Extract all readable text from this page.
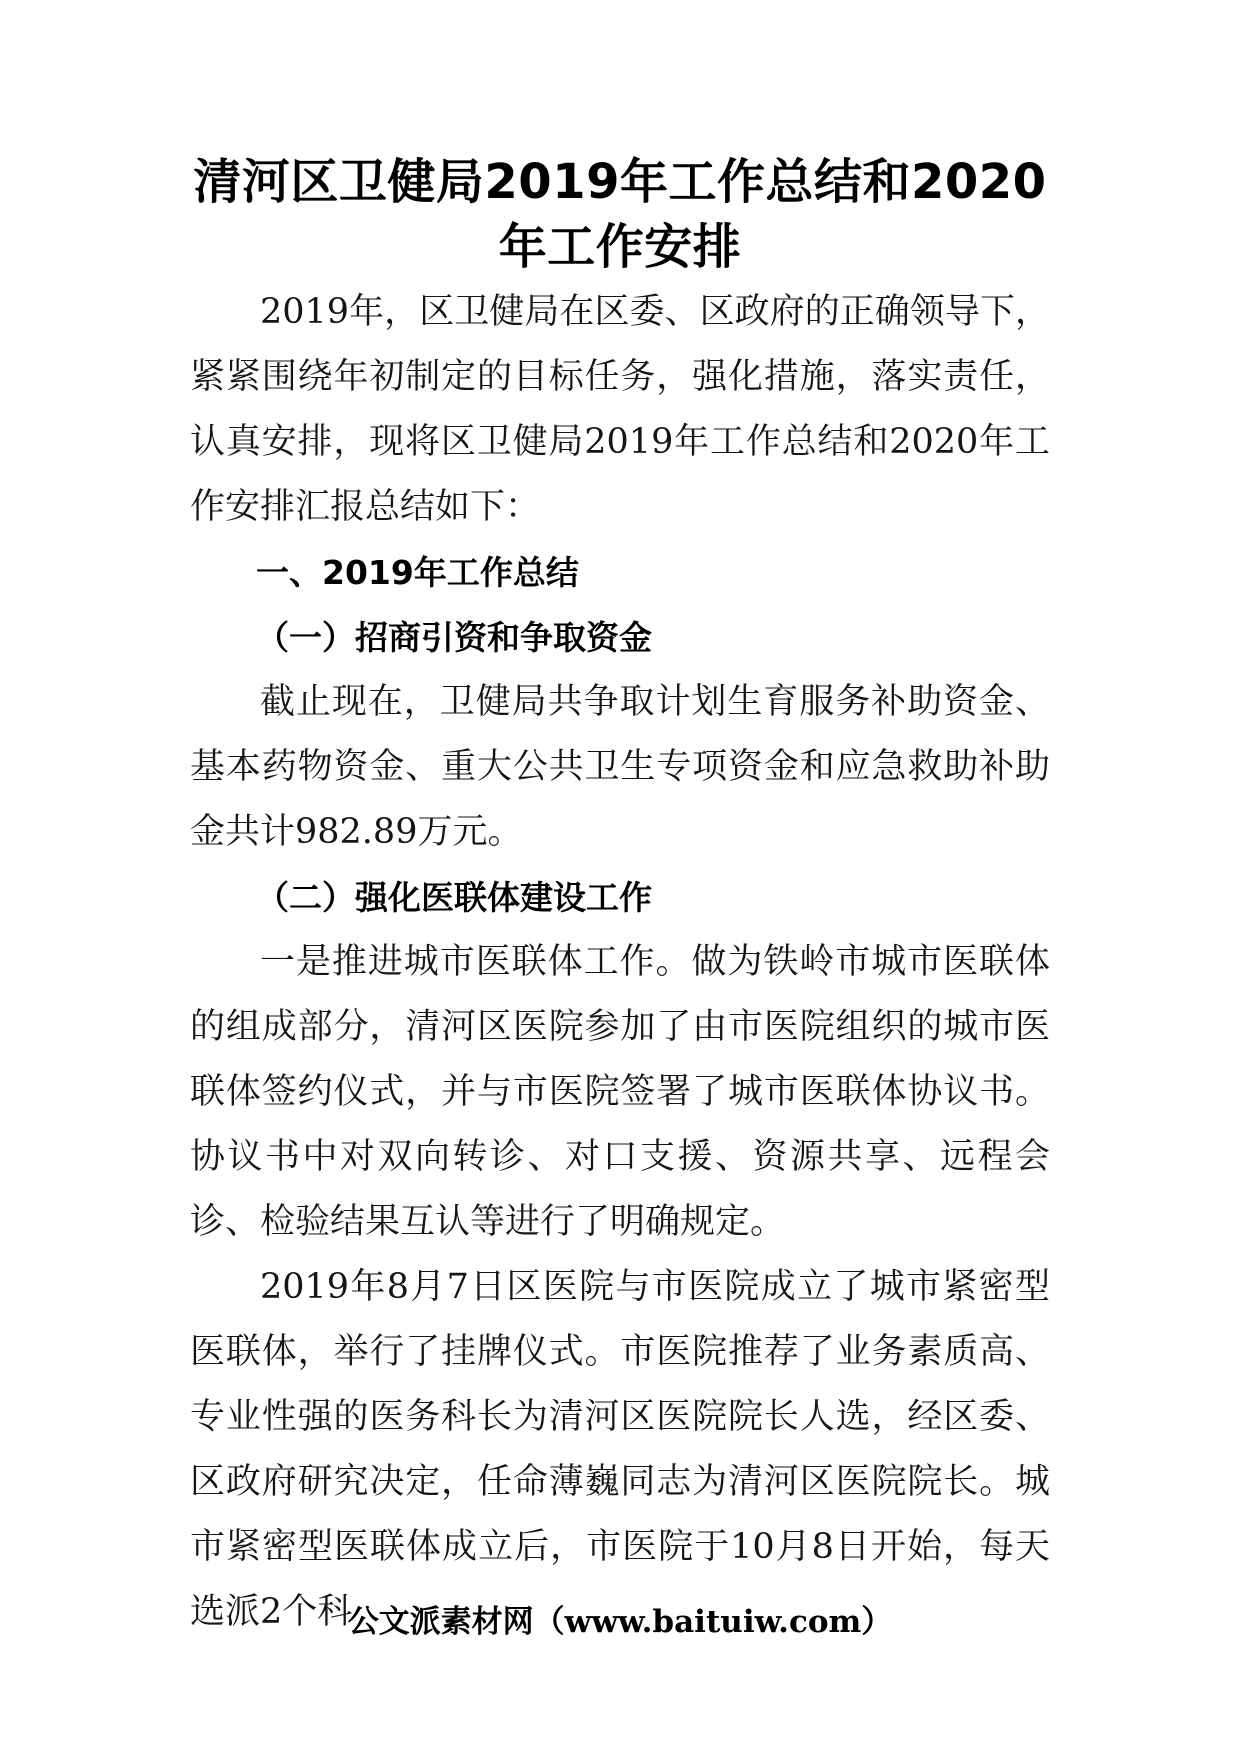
清河区卫健局2019年工作总结和2020年工作安排

2019年，区卫健局在区委、区政府的正确领导下，紧紧围绕年初制定的目标任务，强化措施，落实责任，认真安排，现将区卫健局2019年工作总结和2020年工作安排汇报总结如下：

一、2019年工作总结

（一）招商引资和争取资金

截止现在，卫健局共争取计划生育服务补助资金、基本药物资金、重大公共卫生专项资金和应急救助补助金共计982.89万元。

（二）强化医联体建设工作

一是推进城市医联体工作。做为铁岭市城市医联体的组成部分，清河区医院参加了由市医院组织的城市医联体签约仪式，并与市医院签署了城市医联体协议书。协议书中对双向转诊、对口支援、资源共享、远程会诊、检验结果互认等进行了明确规定。

2019年8月7日区医院与市医院成立了城市紧密型医联体，举行了挂牌仪式。市医院推荐了业务素质高、专业性强的医务科长为清河区医院院长人选，经区委、区政府研究决定，任命薄巍同志为清河区医院院长。城市紧密型医联体成立后，市医院于10月8日开始，每天选派2个科

公文派素材网（www.baituiw.com）
